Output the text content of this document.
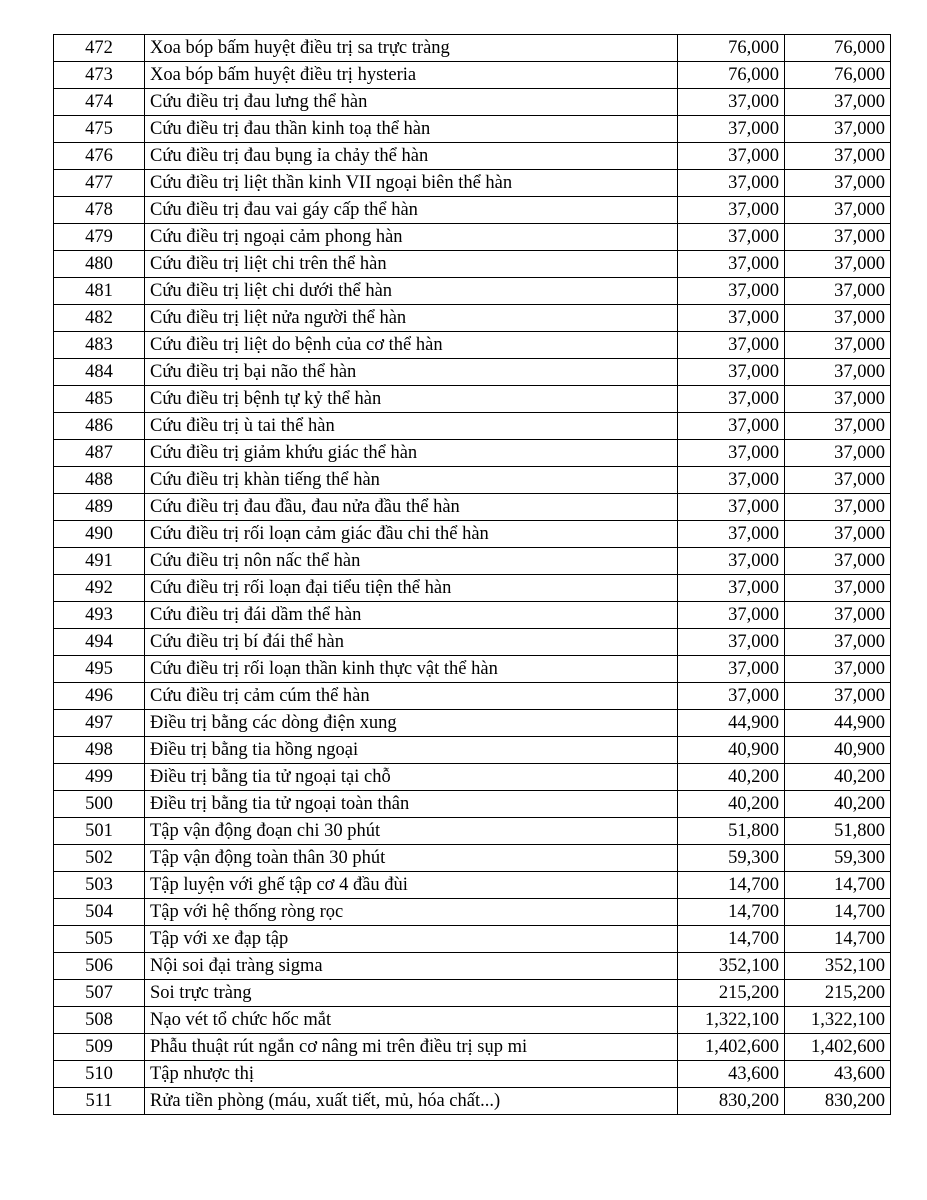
472	Xoa bóp bấm huyệt điều trị sa trực tràng	76,000	76,000
473	Xoa bóp bấm huyệt điều trị hysteria	76,000	76,000
474	Cứu điều trị đau lưng thể hàn	37,000	37,000
475	Cứu điều trị đau thần kinh toạ thể hàn	37,000	37,000
476	Cứu điều trị đau bụng ỉa chảy thể hàn	37,000	37,000
477	Cứu điều trị liệt thần kinh VII ngoại biên thể hàn	37,000	37,000
478	Cứu điều trị đau vai gáy cấp thể hàn	37,000	37,000
479	Cứu điều trị ngoại cảm phong hàn	37,000	37,000
480	Cứu điều trị liệt chi trên thể hàn	37,000	37,000
481	Cứu điều trị liệt chi dưới thể hàn	37,000	37,000
482	Cứu điều trị liệt nửa người thể hàn	37,000	37,000
483	Cứu điều trị liệt do bệnh của cơ thể hàn	37,000	37,000
484	Cứu điều trị bại não thể hàn	37,000	37,000
485	Cứu điều trị bệnh tự kỷ thể hàn	37,000	37,000
486	Cứu điều trị ù tai thể hàn	37,000	37,000
487	Cứu điều trị giảm khứu giác thể hàn	37,000	37,000
488	Cứu điều trị khàn tiếng thể hàn	37,000	37,000
489	Cứu điều trị đau đầu, đau nửa đầu thể hàn	37,000	37,000
490	Cứu điều trị rối loạn cảm giác đầu chi thể hàn	37,000	37,000
491	Cứu điều trị nôn nấc thể hàn	37,000	37,000
492	Cứu điều trị rối loạn đại tiểu tiện thể hàn	37,000	37,000
493	Cứu điều trị đái dầm thể hàn	37,000	37,000
494	Cứu điều trị bí đái thể hàn	37,000	37,000
495	Cứu điều trị rối loạn thần kinh thực vật thể hàn	37,000	37,000
496	Cứu điều trị cảm cúm thể hàn	37,000	37,000
497	Điều trị bằng các dòng điện xung	44,900	44,900
498	Điều trị bằng tia hồng ngoại	40,900	40,900
499	Điều trị bằng tia tử ngoại tại chỗ	40,200	40,200
500	Điều trị bằng tia tử ngoại toàn thân	40,200	40,200
501	Tập vận động đoạn chi 30 phút	51,800	51,800
502	Tập vận động toàn thân 30 phút	59,300	59,300
503	Tập luyện với ghế tập cơ 4 đầu đùi	14,700	14,700
504	Tập với hệ thống ròng rọc	14,700	14,700
505	Tập với xe đạp tập	14,700	14,700
506	Nội soi đại tràng sigma	352,100	352,100
507	Soi trực tràng	215,200	215,200
508	Nạo vét tổ chức hốc mắt	1,322,100	1,322,100
509	Phẫu thuật rút ngắn cơ nâng mi trên điều trị sụp mi	1,402,600	1,402,600
510	Tập nhược thị	43,600	43,600
511	Rửa tiền phòng (máu, xuất tiết, mủ, hóa chất...)	830,200	830,200
